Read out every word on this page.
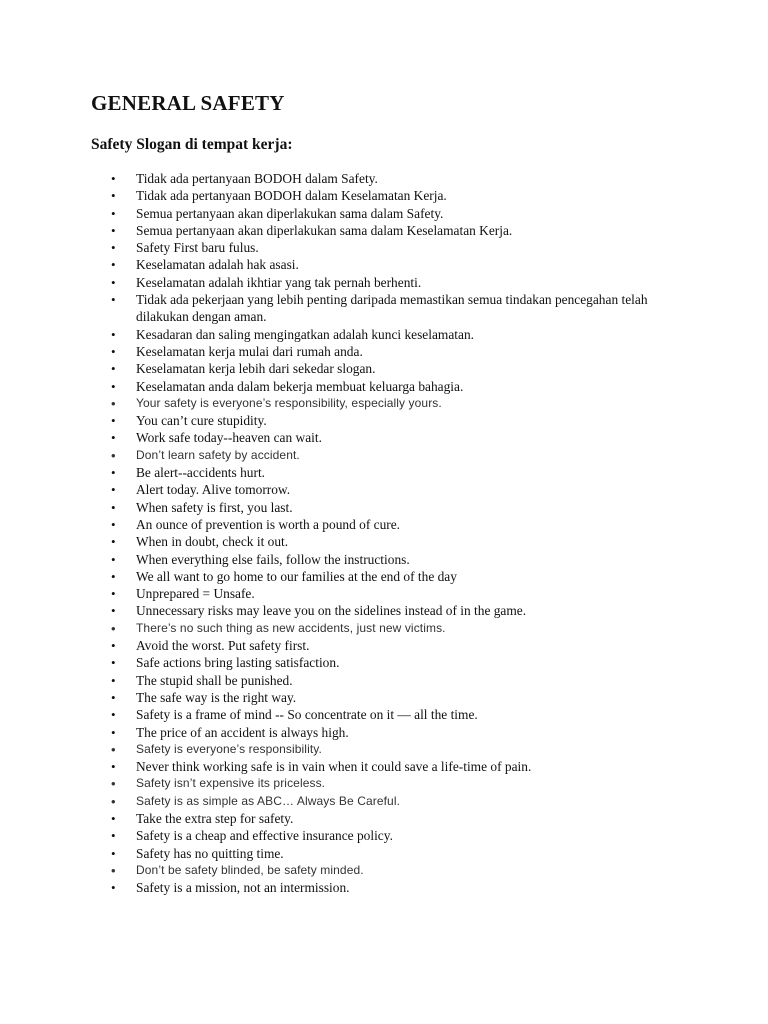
GENERAL SAFETY
Safety Slogan di tempat kerja:
• Tidak ada pertanyaan BODOH dalam Safety.
• Tidak ada pertanyaan BODOH dalam Keselamatan Kerja.
• Semua pertanyaan akan diperlakukan sama dalam Safety.
• Semua pertanyaan akan diperlakukan sama dalam Keselamatan Kerja.
• Safety First baru fulus.
• Keselamatan adalah hak asasi.
• Keselamatan adalah ikhtiar yang tak pernah berhenti.
• Tidak ada pekerjaan yang lebih penting daripada memastikan semua tindakan pencegahan telah dilakukan dengan aman.
• Kesadaran dan saling mengingatkan adalah kunci keselamatan.
• Keselamatan kerja mulai dari rumah anda.
• Keselamatan kerja lebih dari sekedar slogan.
• Keselamatan anda dalam bekerja membuat keluarga bahagia.
• Your safety is everyone’s responsibility, especially yours.
• You can’t cure stupidity.
• Work safe today--heaven can wait.
• Don’t learn safety by accident.
• Be alert--accidents hurt.
• Alert today. Alive tomorrow.
• When safety is first, you last.
• An ounce of prevention is worth a pound of cure.
• When in doubt, check it out.
• When everything else fails, follow the instructions.
• We all want to go home to our families at the end of the day
• Unprepared = Unsafe.
• Unnecessary risks may leave you on the sidelines instead of in the game.
• There’s no such thing as new accidents, just new victims.
• Avoid the worst. Put safety first.
• Safe actions bring lasting satisfaction.
• The stupid shall be punished.
• The safe way is the right way.
• Safety is a frame of mind -- So concentrate on it — all the time.
• The price of an accident is always high.
• Safety is everyone’s responsibility.
• Never think working safe is in vain when it could save a life-time of pain.
• Safety isn’t expensive its priceless.
• Safety is as simple as ABC… Always Be Careful.
• Take the extra step for safety.
• Safety is a cheap and effective insurance policy.
• Safety has no quitting time.
• Don’t be safety blinded, be safety minded.
• Safety is a mission, not an intermission.
